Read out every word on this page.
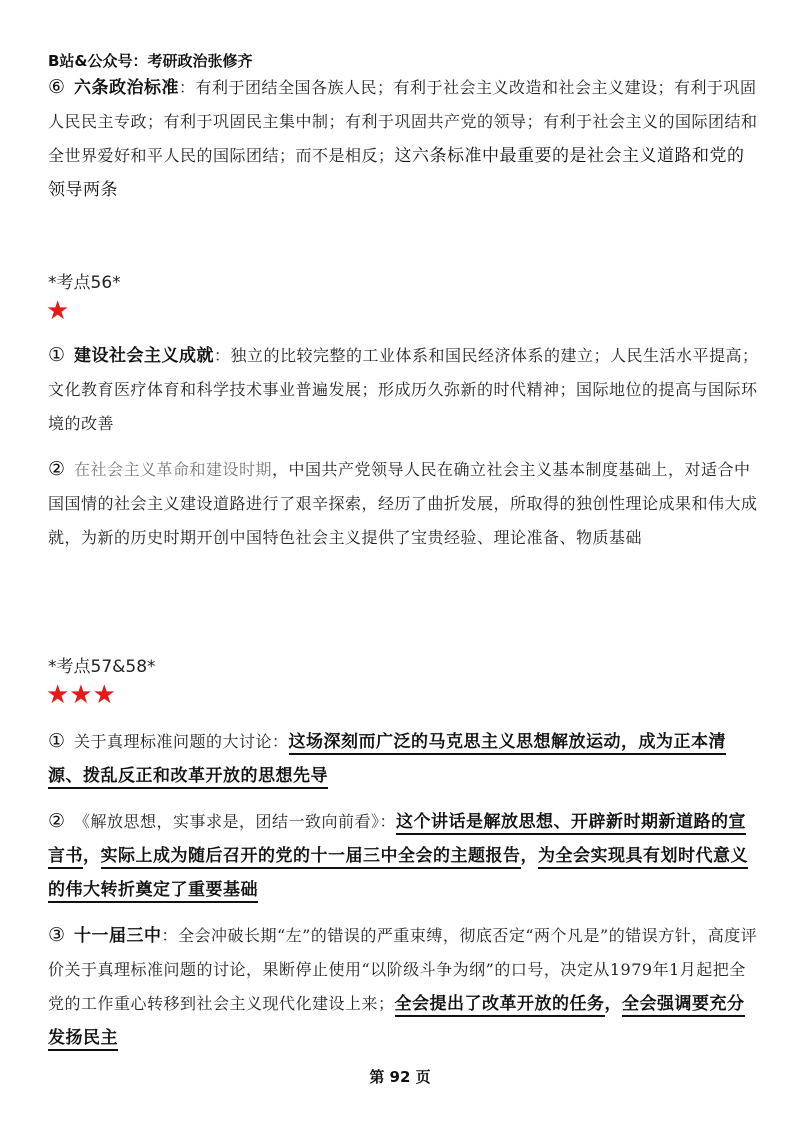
B站&公众号：考研政治张修齐
⑥ 六条政治标准：有利于团结全国各族人民；有利于社会主义改造和社会主义建设；有利于巩固人民民主专政；有利于巩固民主集中制；有利于巩固共产党的领导；有利于社会主义的国际团结和全世界爱好和平人民的国际团结；而不是相反；这六条标准中最重要的是社会主义道路和党的领导两条
*考点56*
★
① 建设社会主义成就：独立的比较完整的工业体系和国民经济体系的建立；人民生活水平提高；文化教育医疗体育和科学技术事业普遍发展；形成历久弥新的时代精神；国际地位的提高与国际环境的改善
② 在社会主义革命和建设时期，中国共产党领导人民在确立社会主义基本制度基础上，对适合中国国情的社会主义建设道路进行了艰辛探索，经历了曲折发展，所取得的独创性理论成果和伟大成就，为新的历史时期开创中国特色社会主义提供了宝贵经验、理论准备、物质基础
*考点57&58*
★★★
① 关于真理标准问题的大讨论：这场深刻而广泛的马克思主义思想解放运动，成为正本清源、拨乱反正和改革开放的思想先导
② 《解放思想，实事求是，团结一致向前看》：这个讲话是解放思想、开辟新时期新道路的宣言书，实际上成为随后召开的党的十一届三中全会的主题报告，为全会实现具有划时代意义的伟大转折奠定了重要基础
③ 十一届三中：全会冲破长期“左”的错误的严重束缚，彻底否定“两个凡是”的错误方针，高度评价关于真理标准问题的讨论，果断停止使用“以阶级斗争为纲”的口号，决定从1979年1月起把全党的工作重心转移到社会主义现代化建设上来；全会提出了改革开放的任务，全会强调要充分发扬民主
第 92 页
